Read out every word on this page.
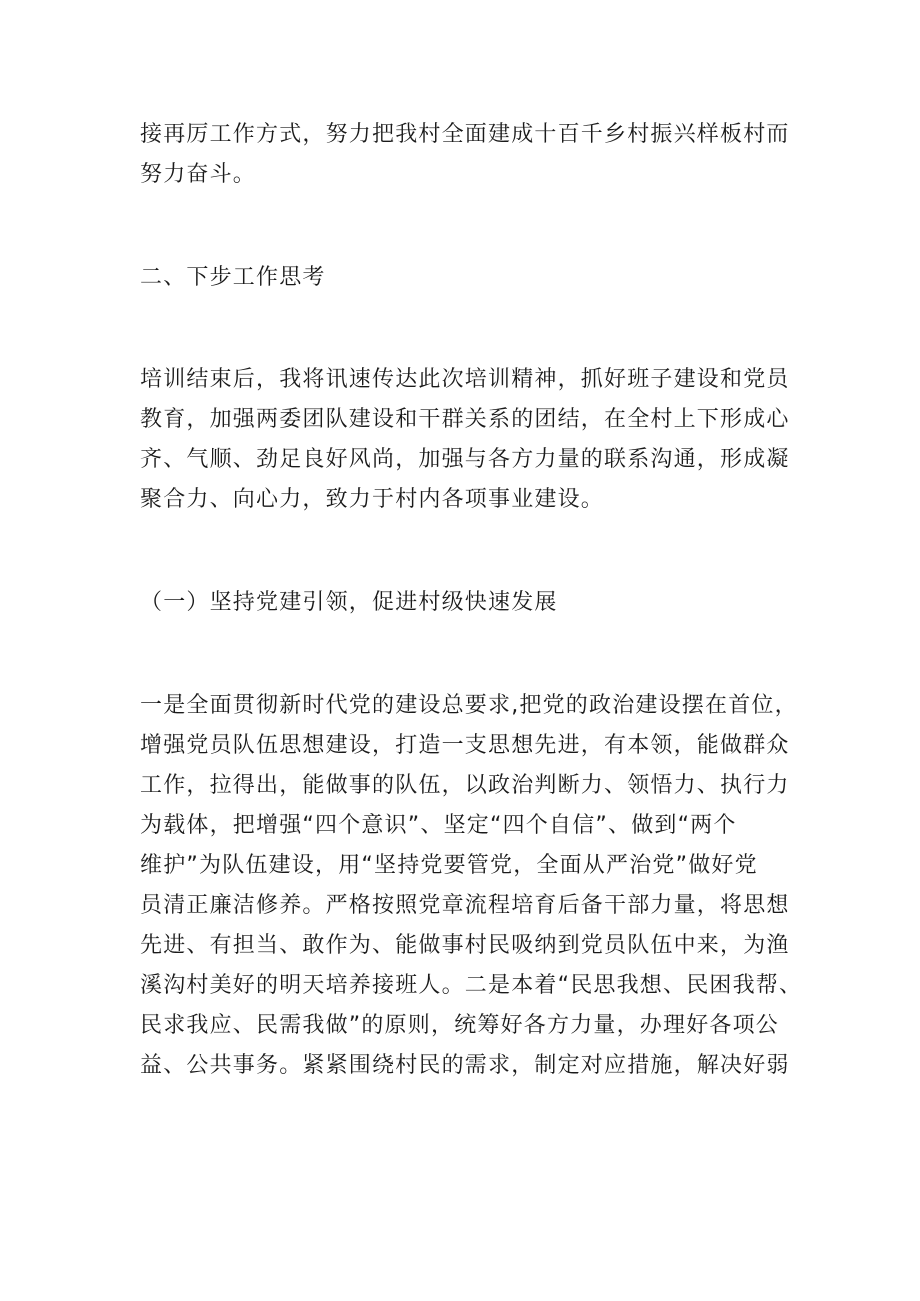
接再厉工作方式，努力把我村全面建成十百千乡村振兴样板村而
努力奋斗。

二、下步工作思考

培训结束后，我将讯速传达此次培训精神，抓好班子建设和党员
教育，加强两委团队建设和干群关系的团结，在全村上下形成心
齐、气顺、劲足良好风尚，加强与各方力量的联系沟通，形成凝
聚合力、向心力，致力于村内各项事业建设。

（一）坚持党建引领，促进村级快速发展

一是全面贯彻新时代党的建设总要求,把党的政治建设摆在首位，
增强党员队伍思想建设，打造一支思想先进，有本领，能做群众
工作，拉得出，能做事的队伍，以政治判断力、领悟力、执行力
为载体，把增强“四个意识”、坚定“四个自信”、做到“两个
维护”为队伍建设，用“坚持党要管党，全面从严治党”做好党
员清正廉洁修养。严格按照党章流程培育后备干部力量，将思想
先进、有担当、敢作为、能做事村民吸纳到党员队伍中来，为渔
溪沟村美好的明天培养接班人。二是本着“民思我想、民困我帮、
民求我应、民需我做”的原则，统筹好各方力量，办理好各项公
益、公共事务。紧紧围绕村民的需求，制定对应措施，解决好弱
